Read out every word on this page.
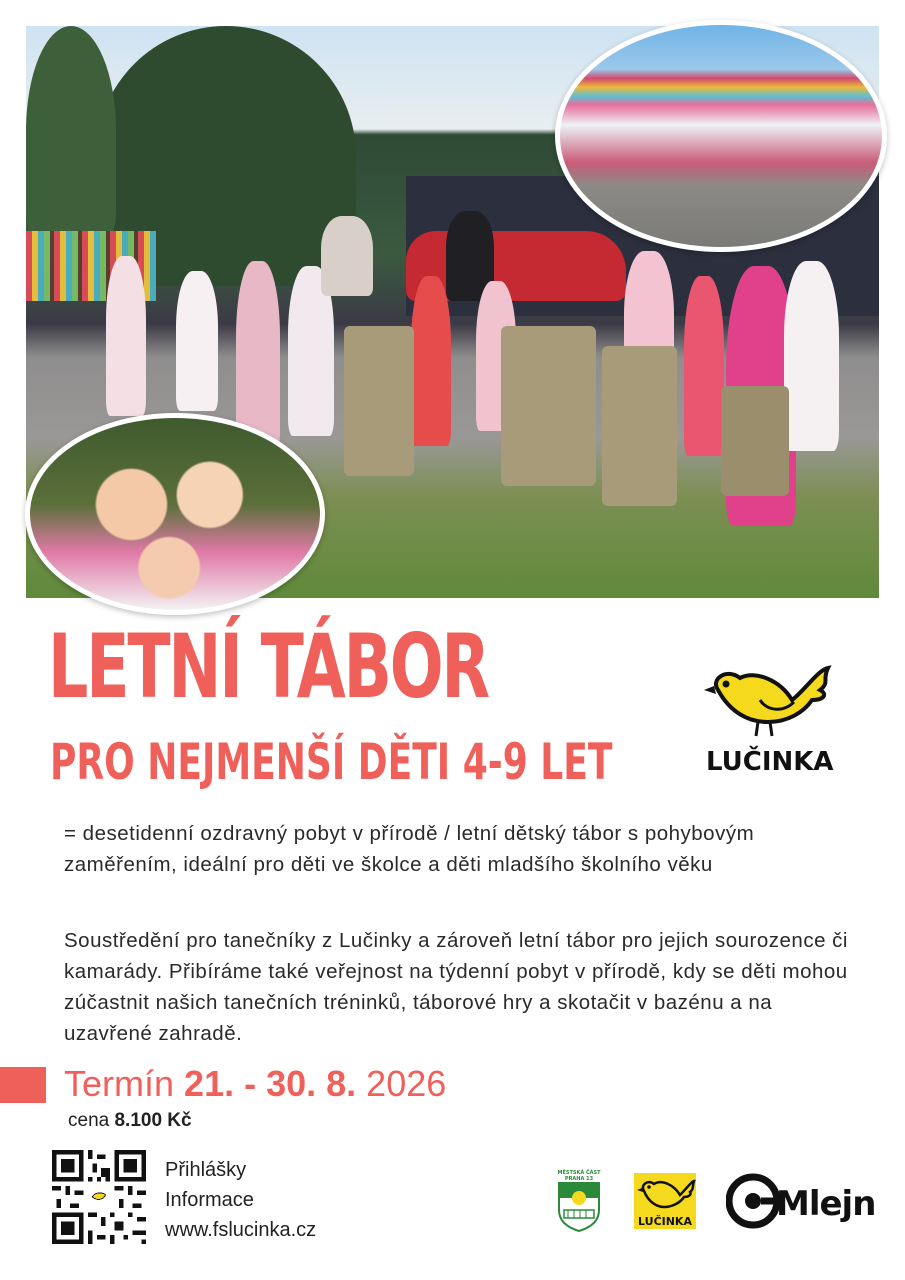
LETNÍ TÁBOR
PRO NEJMENŠÍ DĚTI 4-9 LET	LUČINKA
= desetidenní ozdravný pobyt v přírodě / letní dětský tábor s pohybovým zaměřením, ideální pro děti ve školce a děti mladšího školního věku
Soustředění pro tanečníky z Lučinky a zároveň letní tábor pro jejich sourozence či kamarády. Přibíráme také veřejnost na týdenní pobyt v přírodě, kdy se děti mohou zúčastnit našich tanečních tréninků, táborové hry a skotačit v bazénu a na uzavřené zahradě.
Termín 21. - 30. 8. 2026
cena 8.100 Kč
Přihlášky
Informace
www.fslucinka.cz
MĚSTSKÁ ČÁST
PRAHA 13
LUČINKA Mlejn
